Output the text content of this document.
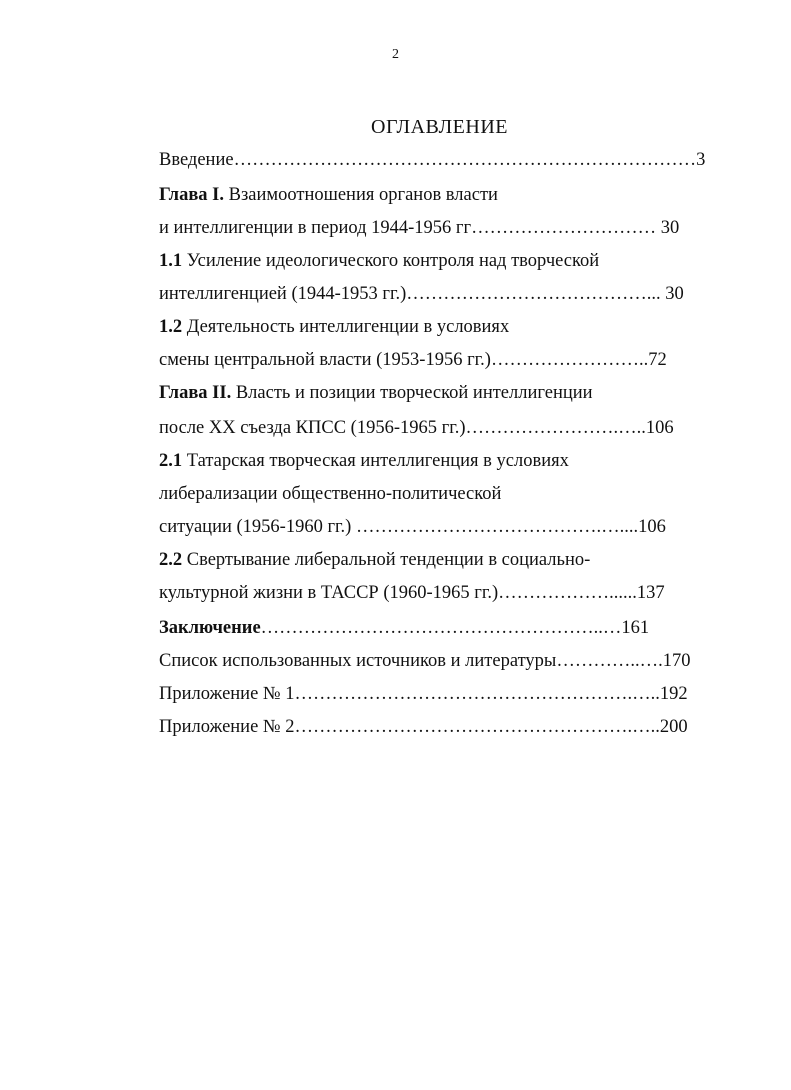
2
ОГЛАВЛЕНИЕ
Введение…………………………………………………………………3
Глава I. Взаимоотношения органов власти
и интеллигенции в период 1944-1956 гг………………………… 30
1.1 Усиление идеологического контроля над творческой
интеллигенцией (1944-1953 гг.)…………………………………... 30
1.2 Деятельность интеллигенции в условиях
смены центральной власти (1953-1956 гг.)……………………..72
Глава II. Власть и позиции творческой интеллигенции
после XX съезда КПСС (1956-1965 гг.)…………………….…..106
2.1 Татарская творческая интеллигенция в условиях
либерализации общественно-политической
ситуации (1956-1960 гг.) ………………………………….…....106
2.2 Свертывание либеральной тенденции в социально-
культурной жизни в ТАССР (1960-1965 гг.)………………......137
Заключение………………………………………………..…161
Список использованных источников и литературы…………..….170
Приложение № 1……………………………………………….…..192
Приложение № 2……………………………………………….…..200
